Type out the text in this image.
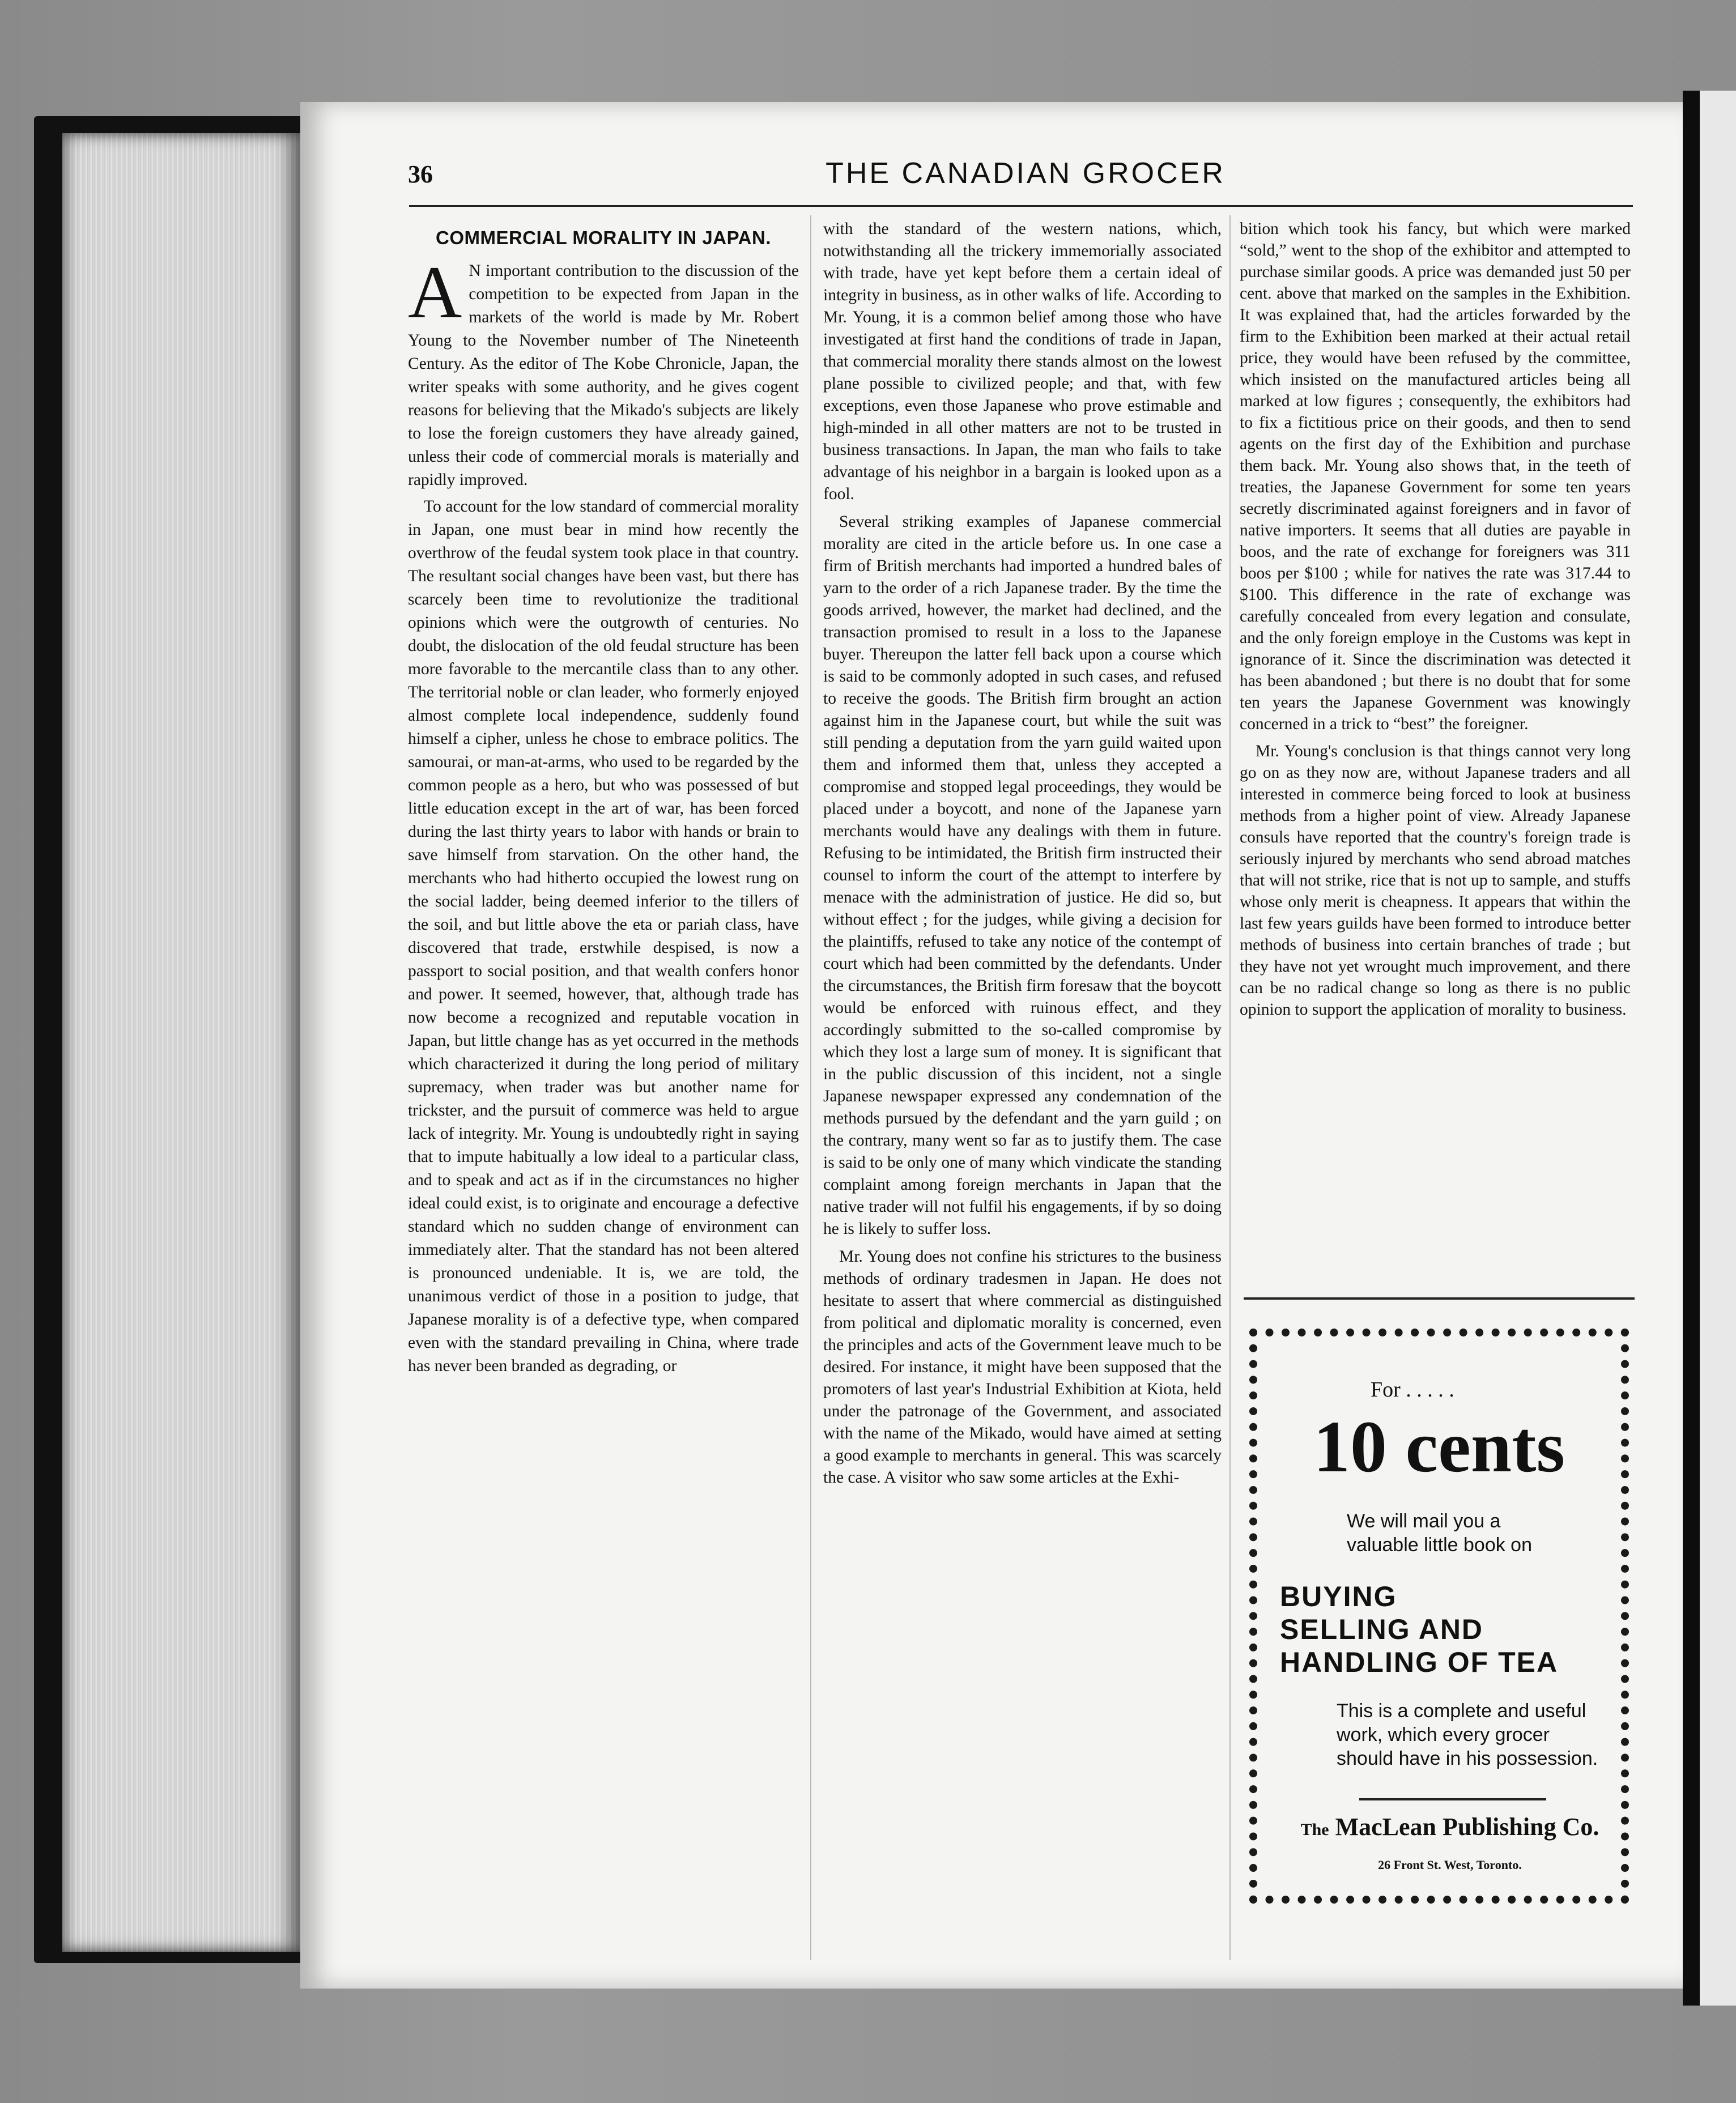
36	THE CANADIAN GROCER
COMMERCIAL MORALITY IN JAPAN.

A N important contribution to the discussion of the competition to be expected from Japan in the markets of the world is made by Mr. Robert Young to the November number of The Nineteenth Century. As the editor of The Kobe Chronicle, Japan, the writer speaks with some authority, and he gives cogent reasons for believing that the Mikado's subjects are likely to lose the foreign customers they have already gained, unless their code of commercial morals is materially and rapidly improved.

To account for the low standard of commercial morality in Japan, one must bear in mind how recently the overthrow of the feudal system took place in that country. The resultant social changes have been vast, but there has scarcely been time to revolutionize the traditional opinions which were the outgrowth of centuries. No doubt, the dislocation of the old feudal structure has been more favorable to the mercantile class than to any other. The territorial noble or clan leader, who formerly enjoyed almost complete local independence, suddenly found himself a cipher, unless he chose to embrace politics. The samourai, or man-at-arms, who used to be regarded by the common people as a hero, but who was possessed of but little education except in the art of war, has been forced during the last thirty years to labor with hands or brain to save himself from starvation. On the other hand, the merchants who had hitherto occupied the lowest rung on the social ladder, being deemed inferior to the tillers of the soil, and but little above the eta or pariah class, have discovered that trade, erstwhile despised, is now a passport to social position, and that wealth confers honor and power. It seemed, however, that, although trade has now become a recognized and reputable vocation in Japan, but little change has as yet occurred in the methods which characterized it during the long period of military supremacy, when trader was but another name for trickster, and the pursuit of commerce was held to argue lack of integrity. Mr. Young is undoubtedly right in saying that to impute habitually a low ideal to a particular class, and to speak and act as if in the circumstances no higher ideal could exist, is to originate and encourage a defective standard which no sudden change of environment can immediately alter. That the standard has not been altered is pronounced undeniable. It is, we are told, the unanimous verdict of those in a position to judge, that Japanese morality is of a defective type, when compared even with the standard prevailing in China, where trade has never been branded as degrading, or

with the standard of the western nations, which, notwithstanding all the trickery immemorially associated with trade, have yet kept before them a certain ideal of integrity in business, as in other walks of life. According to Mr. Young, it is a common belief among those who have investigated at first hand the conditions of trade in Japan, that commercial morality there stands almost on the lowest plane possible to civilized people; and that, with few exceptions, even those Japanese who prove estimable and high-minded in all other matters are not to be trusted in business transactions. In Japan, the man who fails to take advantage of his neighbor in a bargain is looked upon as a fool.

Several striking examples of Japanese commercial morality are cited in the article before us. In one case a firm of British merchants had imported a hundred bales of yarn to the order of a rich Japanese trader. By the time the goods arrived, however, the market had declined, and the transaction promised to result in a loss to the Japanese buyer. Thereupon the latter fell back upon a course which is said to be commonly adopted in such cases, and refused to receive the goods. The British firm brought an action against him in the Japanese court, but while the suit was still pending a deputation from the yarn guild waited upon them and informed them that, unless they accepted a compromise and stopped legal proceedings, they would be placed under a boycott, and none of the Japanese yarn merchants would have any dealings with them in future. Refusing to be intimidated, the British firm instructed their counsel to inform the court of the attempt to interfere by menace with the administration of justice. He did so, but without effect ; for the judges, while giving a decision for the plaintiffs, refused to take any notice of the contempt of court which had been committed by the defendants. Under the circumstances, the British firm foresaw that the boycott would be enforced with ruinous effect, and they accordingly submitted to the so-called compromise by which they lost a large sum of money. It is significant that in the public discussion of this incident, not a single Japanese newspaper expressed any condemnation of the methods pursued by the defendant and the yarn guild ; on the contrary, many went so far as to justify them. The case is said to be only one of many which vindicate the standing complaint among foreign merchants in Japan that the native trader will not fulfil his engagements, if by so doing he is likely to suffer loss.

Mr. Young does not confine his strictures to the business methods of ordinary tradesmen in Japan. He does not hesitate to assert that where commercial as distinguished from political and diplomatic morality is concerned, even the principles and acts of the Government leave much to be desired. For instance, it might have been supposed that the promoters of last year's Industrial Exhibition at Kiota, held under the patronage of the Government, and associated with the name of the Mikado, would have aimed at setting a good example to merchants in general. This was scarcely the case. A visitor who saw some articles at the Exhi-

bition which took his fancy, but which were marked “sold,” went to the shop of the exhibitor and attempted to purchase similar goods. A price was demanded just 50 per cent. above that marked on the samples in the Exhibition. It was explained that, had the articles forwarded by the firm to the Exhibition been marked at their actual retail price, they would have been refused by the committee, which insisted on the manufactured articles being all marked at low figures ; consequently, the exhibitors had to fix a fictitious price on their goods, and then to send agents on the first day of the Exhibition and purchase them back. Mr. Young also shows that, in the teeth of treaties, the Japanese Government for some ten years secretly discriminated against foreigners and in favor of native importers. It seems that all duties are payable in boos, and the rate of exchange for foreigners was 311 boos per $100 ; while for natives the rate was 317.44 to $100. This difference in the rate of exchange was carefully concealed from every legation and consulate, and the only foreign employe in the Customs was kept in ignorance of it. Since the discrimination was detected it has been abandoned ; but there is no doubt that for some ten years the Japanese Government was knowingly concerned in a trick to “best” the foreigner.

Mr. Young's conclusion is that things cannot very long go on as they now are, without Japanese traders and all interested in commerce being forced to look at business methods from a higher point of view. Already Japanese consuls have reported that the country's foreign trade is seriously injured by merchants who send abroad matches that will not strike, rice that is not up to sample, and stuffs whose only merit is cheapness. It appears that within the last few years guilds have been formed to introduce better methods of business into certain branches of trade ; but they have not yet wrought much improvement, and there can be no radical change so long as there is no public opinion to support the application of morality to business.

For . . . . .
10 cents
We will mail you a valuable little book on
BUYING
SELLING AND
HANDLING OF TEA
This is a complete and useful work, which every grocer should have in his possession.
The MacLean Publishing Co.
26 Front St. West, Toronto.
